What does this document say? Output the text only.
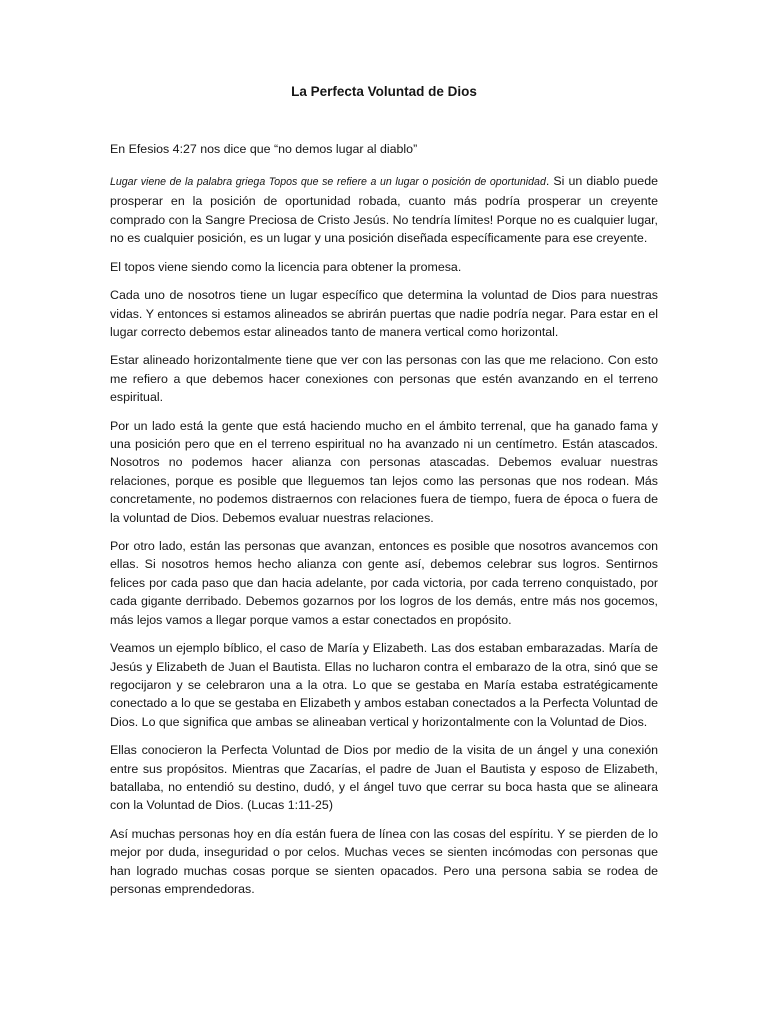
La Perfecta Voluntad de Dios

En Efesios 4:27 nos dice que “no demos lugar al diablo”

Lugar viene de la palabra griega Topos que se refiere a un lugar o posición de oportunidad. Si un diablo puede prosperar en la posición de oportunidad robada, cuanto más podría prosperar un creyente comprado con la Sangre Preciosa de Cristo Jesús. No tendría límites! Porque no es cualquier lugar, no es cualquier posición, es un lugar y una posición diseñada específicamente para ese creyente.

El topos viene siendo como la licencia para obtener la promesa.

Cada uno de nosotros tiene un lugar específico que determina la voluntad de Dios para nuestras vidas. Y entonces si estamos alineados se abrirán puertas que nadie podría negar. Para estar en el lugar correcto debemos estar alineados tanto de manera vertical como horizontal.

Estar alineado horizontalmente tiene que ver con las personas con las que me relaciono. Con esto me refiero a que debemos hacer conexiones con personas que estén avanzando en el terreno espiritual.

Por un lado está la gente que está haciendo mucho en el ámbito terrenal, que ha ganado fama y una posición pero que en el terreno espiritual no ha avanzado ni un centímetro. Están atascados. Nosotros no podemos hacer alianza con personas atascadas. Debemos evaluar nuestras relaciones, porque es posible que lleguemos tan lejos como las personas que nos rodean. Más concretamente, no podemos distraernos con relaciones fuera de tiempo, fuera de época o fuera de la voluntad de Dios. Debemos evaluar nuestras relaciones.

Por otro lado, están las personas que avanzan, entonces es posible que nosotros avancemos con ellas. Si nosotros hemos hecho alianza con gente así, debemos celebrar sus logros. Sentirnos felices por cada paso que dan hacia adelante, por cada victoria, por cada terreno conquistado, por cada gigante derribado. Debemos gozarnos por los logros de los demás, entre más nos gocemos, más lejos vamos a llegar porque vamos a estar conectados en propósito.

Veamos un ejemplo bíblico, el caso de María y Elizabeth. Las dos estaban embarazadas. María de Jesús y Elizabeth de Juan el Bautista. Ellas no lucharon contra el embarazo de la otra, sinó que se regocijaron y se celebraron una a la otra. Lo que se gestaba en María estaba estratégicamente conectado a lo que se gestaba en Elizabeth y ambos estaban conectados a la Perfecta Voluntad de Dios. Lo que significa que ambas se alineaban vertical y horizontalmente con la Voluntad de Dios.

Ellas conocieron la Perfecta Voluntad de Dios por medio de la visita de un ángel y una conexión entre sus propósitos. Mientras que Zacarías, el padre de Juan el Bautista y esposo de Elizabeth, batallaba, no entendió su destino, dudó, y el ángel tuvo que cerrar su boca hasta que se alineara con la Voluntad de Dios. (Lucas 1:11-25)

Así muchas personas hoy en día están fuera de línea con las cosas del espíritu. Y se pierden de lo mejor por duda, inseguridad o por celos. Muchas veces se sienten incómodas con personas que han logrado muchas cosas porque se sienten opacados. Pero una persona sabia se rodea de personas emprendedoras.
